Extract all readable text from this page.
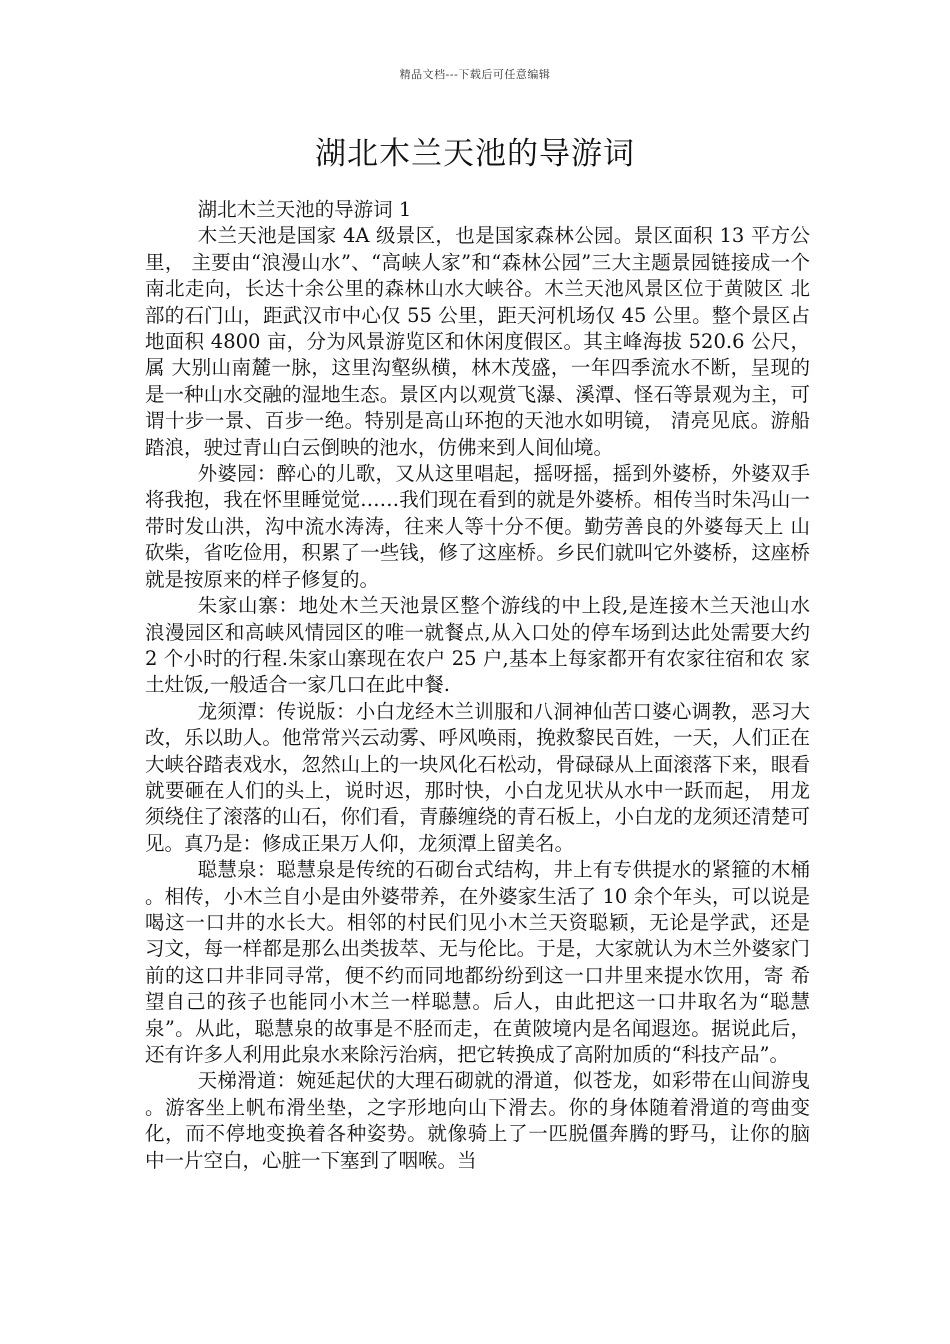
精品文档---下载后可任意编辑
湖北木兰天池的导游词

湖北木兰天池的导游词 1

木兰天池是国家 4A 级景区，也是国家森林公园。景区面积 13 平方公里， 主要由“浪漫山水”、“高峡人家”和“森林公园”三大主题景园链接成一个南北走向，长达十余公里的森林山水大峡谷。木兰天池风景区位于黄陂区 北部的石门山，距武汉市中心仅 55 公里，距天河机场仅 45 公里。整个景区占地面积 4800 亩，分为风景游览区和休闲度假区。其主峰海拔 520.6 公尺，属 大别山南麓一脉，这里沟壑纵横，林木茂盛，一年四季流水不断，呈现的是一种山水交融的湿地生态。景区内以观赏飞瀑、溪潭、怪石等景观为主，可谓十步一景、百步一绝。特别是高山环抱的天池水如明镜， 清亮见底。游船踏浪，驶过青山白云倒映的池水，仿佛来到人间仙境。

外婆园：醉心的儿歌，又从这里唱起，摇呀摇，摇到外婆桥，外婆双手 将我抱，我在怀里睡觉觉……我们现在看到的就是外婆桥。相传当时朱冯山一带时发山洪，沟中流水涛涛，往来人等十分不便。勤劳善良的外婆每天上 山砍柴，省吃俭用，积累了一些钱，修了这座桥。乡民们就叫它外婆桥，这座桥就是按原来的样子修复的。

朱家山寨：地处木兰天池景区整个游线的中上段,是连接木兰天池山水 浪漫园区和高峡风情园区的唯一就餐点,从入口处的停车场到达此处需要大约 2 个小时的行程.朱家山寨现在农户 25 户,基本上每家都开有农家往宿和农 家土灶饭,一般适合一家几口在此中餐.

龙须潭：传说版：小白龙经木兰训服和八洞神仙苦口婆心调教，恶习大改，乐以助人。他常常兴云动雾、呼风唤雨，挽救黎民百姓，一天，人们正在大峡谷踏表戏水，忽然山上的一块风化石松动，骨碌碌从上面滚落下来，眼看就要砸在人们的头上，说时迟，那时快，小白龙见状从水中一跃而起， 用龙须绕住了滚落的山石，你们看，青藤缠绕的青石板上，小白龙的龙须还清楚可见。真乃是：修成正果万人仰，龙须潭上留美名。

聪慧泉：聪慧泉是传统的石砌台式结构，井上有专供提水的紧箍的木桶 。相传，小木兰自小是由外婆带养，在外婆家生活了 10 余个年头，可以说是喝这一口井的水长大。相邻的村民们见小木兰天资聪颖，无论是学武，还是 习文，每一样都是那么出类拔萃、无与伦比。于是，大家就认为木兰外婆家门前的这口井非同寻常，便不约而同地都纷纷到这一口井里来提水饮用，寄 希望自己的孩子也能同小木兰一样聪慧。后人，由此把这一口井取名为“聪慧泉”。从此，聪慧泉的故事是不胫而走，在黄陂境内是名闻遐迩。据说此后，还有许多人利用此泉水来除污治病，把它转换成了高附加质的“科技产品”。

天梯滑道：婉延起伏的大理石砌就的滑道，似苍龙，如彩带在山间游曳 。游客坐上帆布滑坐垫，之字形地向山下滑去。你的身体随着滑道的弯曲变化，而不停地变换着各种姿势。就像骑上了一匹脱僵奔腾的野马，让你的脑 中一片空白，心脏一下塞到了咽喉。当
